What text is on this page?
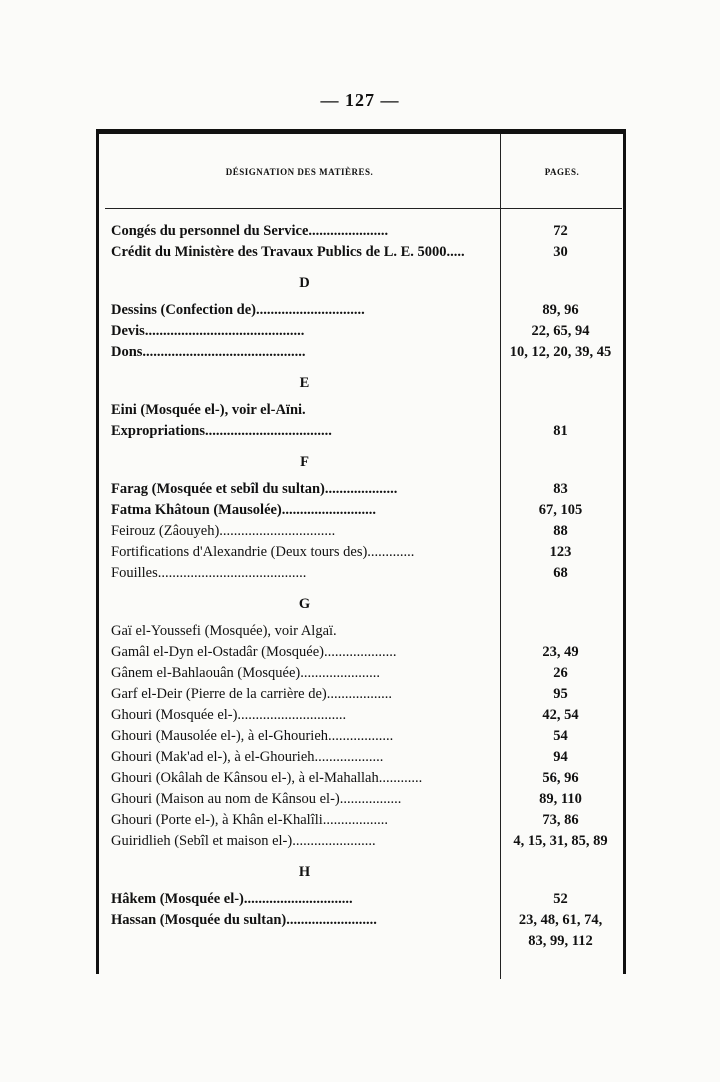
— 127 —
DÉSIGNATION DES MATIÈRES.	PAGES.
Congés du personnel du Service......................	72
Crédit du Ministère des Travaux Publics de L. E. 5000.....	30
D
Dessins (Confection de)..............................	89, 96
Devis............................................	22, 65, 94
Dons.............................................	10, 12, 20, 39, 45
E
Eini (Mosquée el-), voir el-Aïni.
Expropriations...................................	81
F
Farag (Mosquée et sebîl du sultan)....................	83
Fatma Khâtoun (Mausolée)..........................	67, 105
Feirouz (Zâouyeh)................................	88
Fortifications d'Alexandrie (Deux tours des).............	123
Fouilles.........................................	68
G
Gaï el-Youssefi (Mosquée), voir Algaï.
Gamâl el-Dyn el-Ostadâr (Mosquée)....................	23, 49
Gânem el-Bahlaouân (Mosquée)......................	26
Garf el-Deir (Pierre de la carrière de)..................	95
Ghouri (Mosquée el-)..............................	42, 54
Ghouri (Mausolée el-), à el-Ghourieh..................	54
Ghouri (Mak'ad el-), à el-Ghourieh...................	94
Ghouri (Okâlah de Kânsou el-), à el-Mahallah............	56, 96
Ghouri (Maison au nom de Kânsou el-).................	89, 110
Ghouri (Porte el-), à Khân el-Khalîli..................	73, 86
Guiridlieh (Sebîl et maison el-).......................	4, 15, 31, 85, 89
H
Hâkem (Mosquée el-)..............................	52
Hassan (Mosquée du sultan).........................	23, 48, 61, 74,
83, 99, 112
